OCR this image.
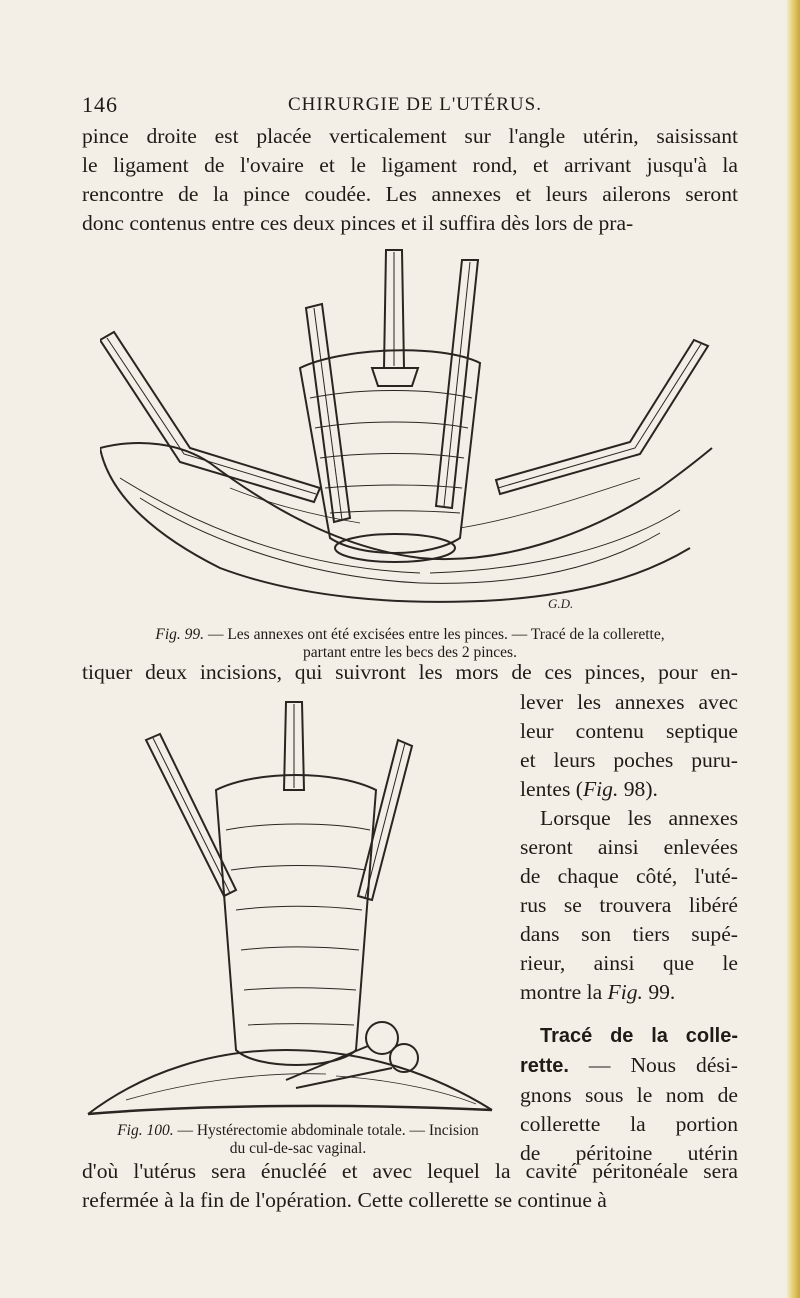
146	CHIRURGIE DE L'UTÉRUS.

pince droite est placée verticalement sur l'angle utérin, saisissant
le ligament de l'ovaire et le ligament rond, et arrivant jusqu'à la
rencontre de la pince coudée. Les annexes et leurs ailerons seront
donc contenus entre ces deux pinces et il suffira dès lors de pra-

G.D.
Fig. 99. — Les annexes ont été excisées entre les pinces. — Tracé de la collerette,
partant entre les becs des 2 pinces.
tiquer deux incisions, qui suivront les mors de ces pinces, pour en-
Fig. 100. — Hystérectomie abdominale totale. — Incision
du cul-de-sac vaginal.
lever les annexes avec
leur contenu septique
et leurs poches puru-
lentes (Fig. 98).
Lorsque les annexes
seront ainsi enlevées
de chaque côté, l'uté-
rus se trouvera libéré
dans son tiers supé-
rieur, ainsi que le
montre la Fig. 99.
Tracé de la colle-
rette. — Nous dési-
gnons sous le nom de
collerette la portion
de péritoine utérin

d'où l'utérus sera énucléé et avec lequel la cavité péritonéale sera
refermée à la fin de l'opération. Cette collerette se continue à
